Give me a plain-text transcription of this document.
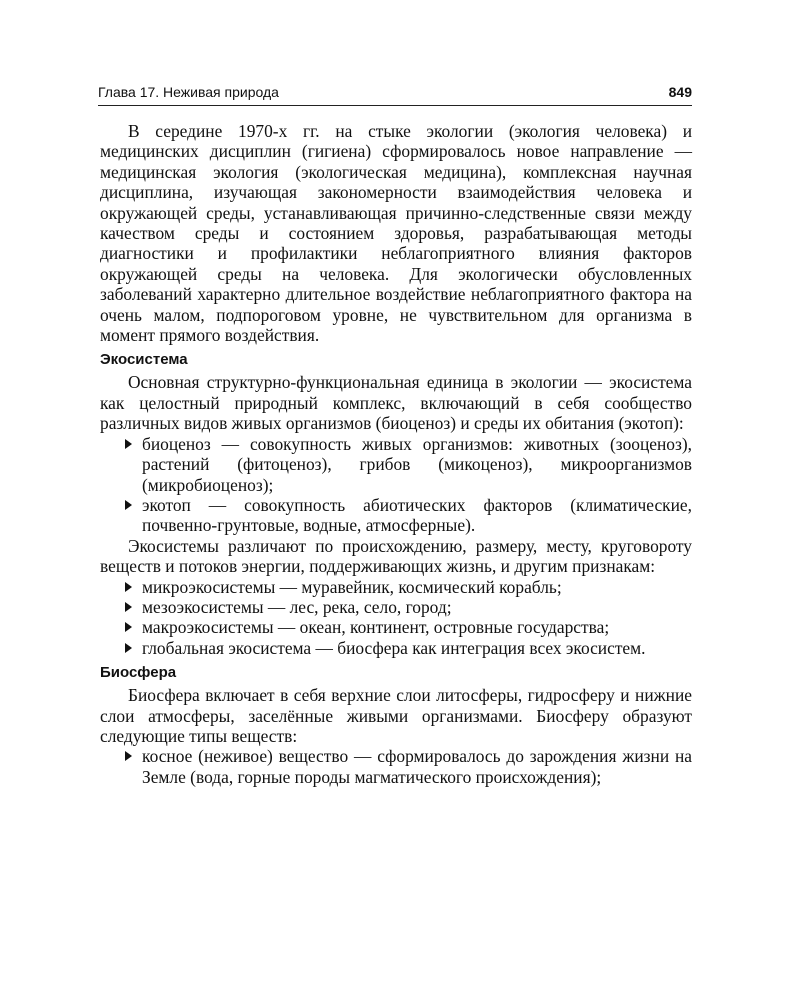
Глава 17. Неживая природа	849

В середине 1970-х гг. на стыке экологии (экология человека) и медицинских дисциплин (гигиена) сформировалось новое направление — медицинская экология (экологическая медицина), комплексная научная дисциплина, изучающая закономерности взаимодействия человека и окружающей среды, устанавливающая причинно-следственные связи между качеством среды и состоянием здоровья, разрабатывающая методы диагностики и профилактики неблагоприятного влияния факторов окружающей среды на человека. Для экологически обусловленных заболеваний характерно длительное воздействие неблагоприятного фактора на очень малом, подпороговом уровне, не чувствительном для организма в момент прямого воздействия.

Экосистема

Основная структурно-функциональная единица в экологии — экосистема как целостный природный комплекс, включающий в себя сообщество различных видов живых организмов (биоценоз) и среды их обитания (экотоп):

биоценоз — совокупность живых организмов: животных (зооценоз), растений (фитоценоз), грибов (микоценоз), микроорганизмов (микробиоценоз);
экотоп — совокупность абиотических факторов (климатические, почвенно-грунтовые, водные, атмосферные).

Экосистемы различают по происхождению, размеру, месту, круговороту веществ и потоков энергии, поддерживающих жизнь, и другим признакам:

микроэкосистемы — муравейник, космический корабль;
мезоэкосистемы — лес, река, село, город;
макроэкосистемы — океан, континент, островные государства;
глобальная экосистема — биосфера как интеграция всех экосистем.
Биосфера

Биосфера включает в себя верхние слои литосферы, гидросферу и нижние слои атмосферы, заселённые живыми организмами. Биосферу образуют следующие типы веществ:

косное (неживое) вещество — сформировалось до зарождения жизни на Земле (вода, горные породы магматического происхождения);
